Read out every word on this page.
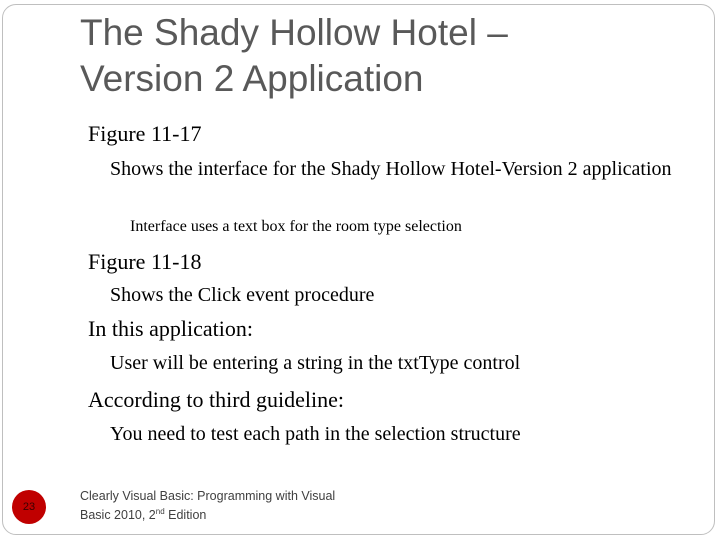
The Shady Hollow Hotel –
Version 2 Application
Figure 11-17
Shows the interface for the Shady Hollow Hotel-Version 2 application
Interface uses a text box for the room type selection
Figure 11-18
Shows the Click event procedure
In this application:
User will be entering a string in the txtType control
According to third guideline:
You need to test each path in the selection structure
23
Clearly Visual Basic: Programming with Visual
Basic 2010, 2nd Edition
